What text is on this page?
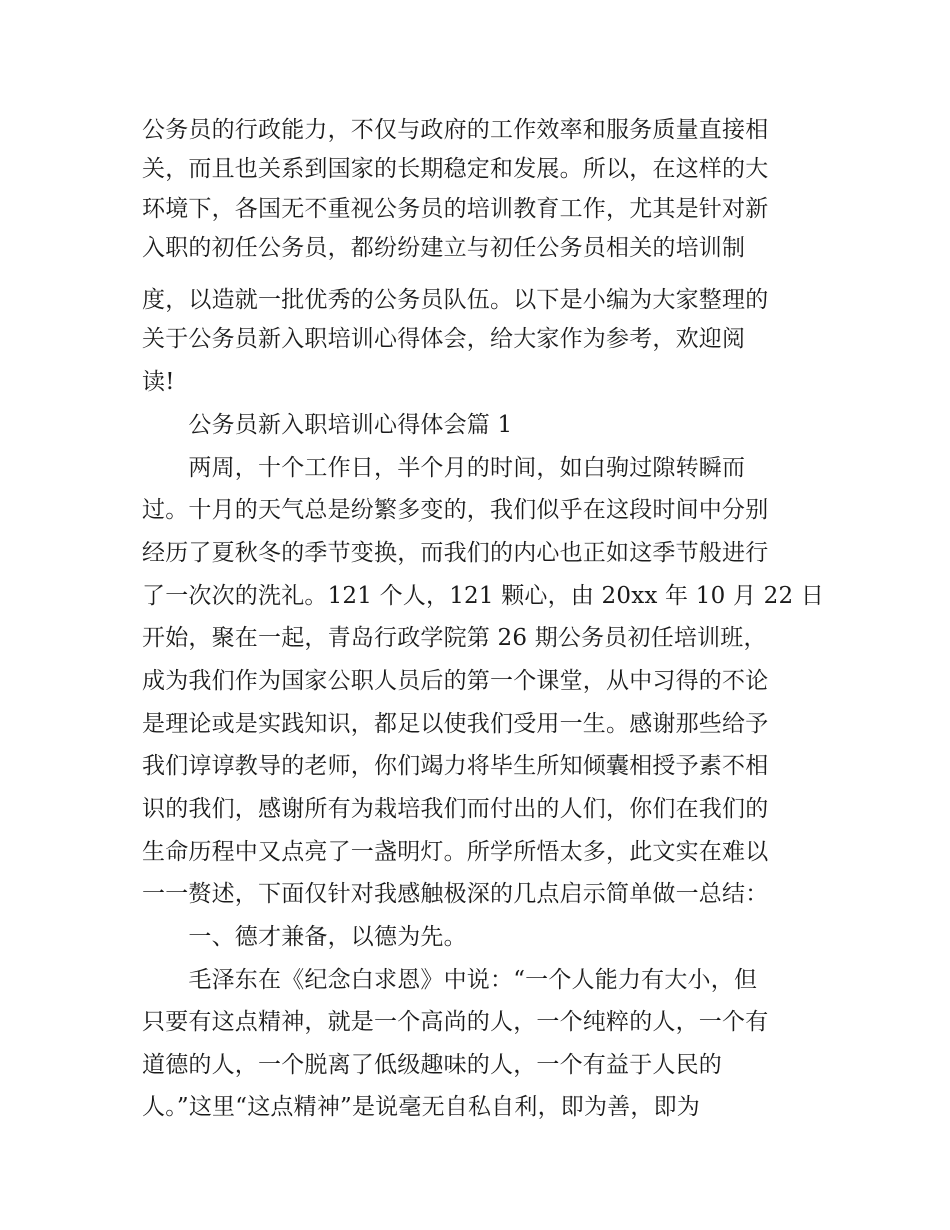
公务员的行政能力，不仅与政府的工作效率和服务质量直接相

关，而且也关系到国家的长期稳定和发展。所以，在这样的大

环境下，各国无不重视公务员的培训教育工作，尤其是针对新

入职的初任公务员，都纷纷建立与初任公务员相关的培训制

度，以造就一批优秀的公务员队伍。以下是小编为大家整理的

关于公务员新入职培训心得体会，给大家作为参考，欢迎阅

读!

　　公务员新入职培训心得体会篇 1

　　两周，十个工作日，半个月的时间，如白驹过隙转瞬而

过。十月的天气总是纷繁多变的，我们似乎在这段时间中分别

经历了夏秋冬的季节变换，而我们的内心也正如这季节般进行

了一次次的洗礼。121 个人，121 颗心，由 20xx 年 10 月 22 日

开始，聚在一起，青岛行政学院第 26 期公务员初任培训班，

成为我们作为国家公职人员后的第一个课堂，从中习得的不论

是理论或是实践知识，都足以使我们受用一生。感谢那些给予

我们谆谆教导的老师，你们竭力将毕生所知倾囊相授予素不相

识的我们，感谢所有为栽培我们而付出的人们，你们在我们的

生命历程中又点亮了一盏明灯。所学所悟太多，此文实在难以

一一赘述，下面仅针对我感触极深的几点启示简单做一总结：

　　一、德才兼备，以德为先。

　　毛泽东在《纪念白求恩》中说：“一个人能力有大小，但

只要有这点精神，就是一个高尚的人，一个纯粹的人，一个有

道德的人，一个脱离了低级趣味的人，一个有益于人民的

人。”这里“这点精神”是说毫无自私自利，即为善，即为
